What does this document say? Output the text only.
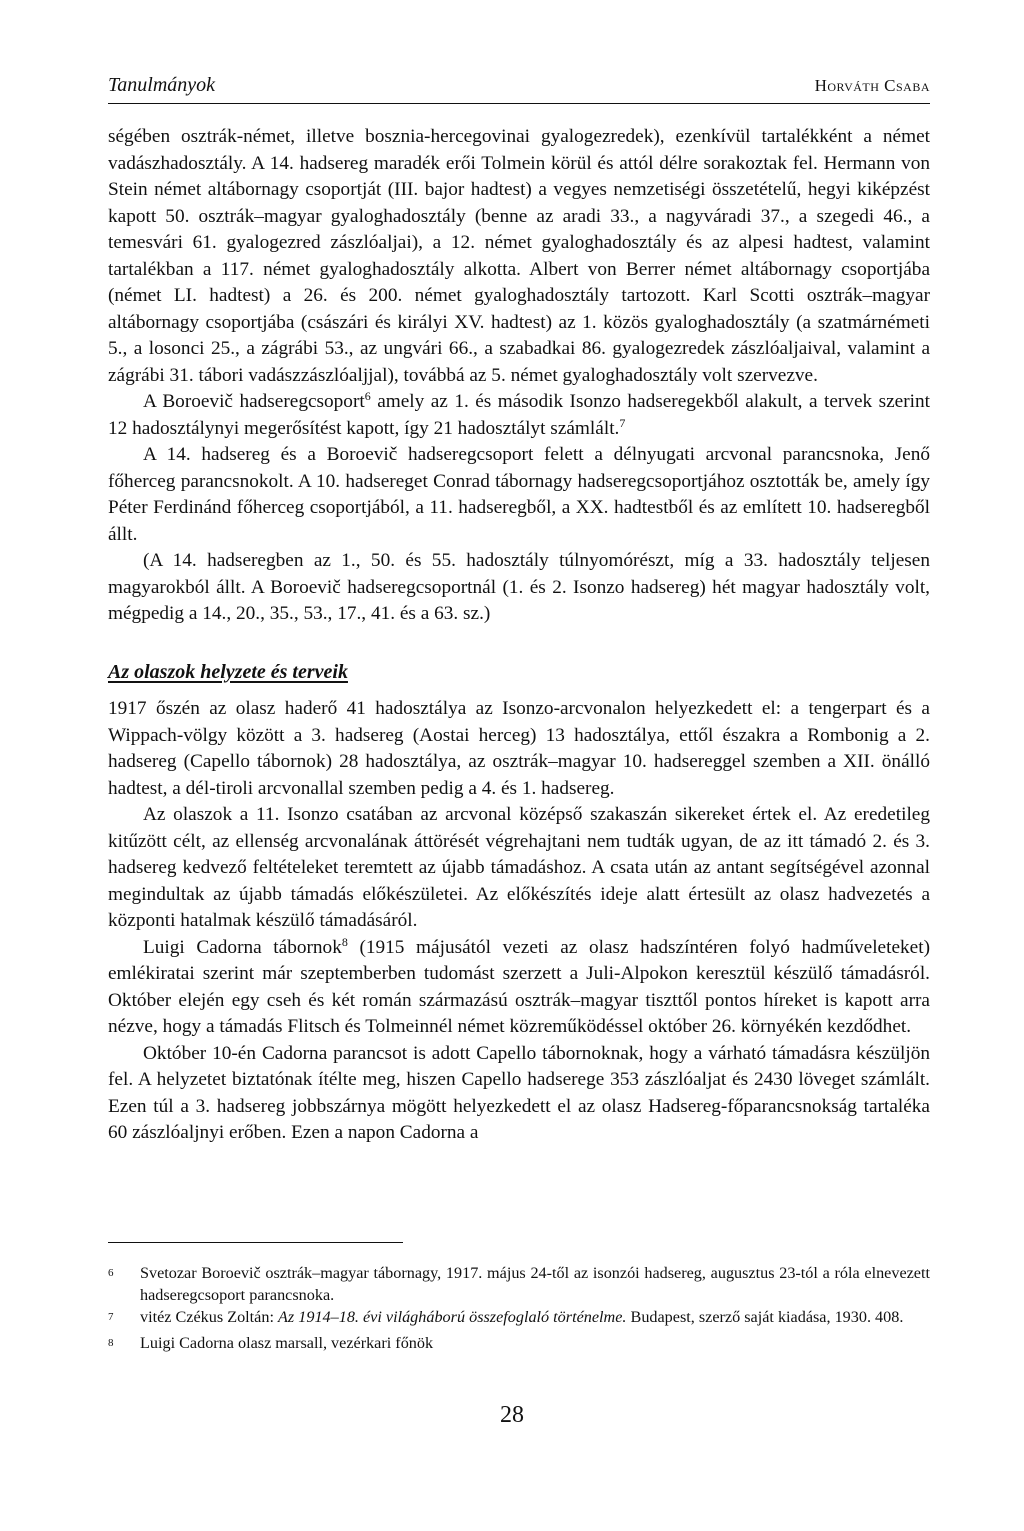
Tanulmányok	Horváth Csaba

ségében osztrák-német, illetve bosznia-hercegovinai gyalogezredek), ezenkívül tartalékként a német vadászhadosztály. A 14. hadsereg maradék erői Tolmein körül és attól délre sorakoztak fel. Hermann von Stein német altábornagy csoportját (III. bajor hadtest) a vegyes nemzetiségi összetételű, hegyi kiképzést kapott 50. osztrák–magyar gyaloghadosztály (benne az aradi 33., a nagyváradi 37., a szegedi 46., a temesvári 61. gyalogezred zászlóaljai), a 12. német gyaloghadosztály és az alpesi hadtest, valamint tartalékban a 117. német gyaloghadosztály alkotta. Albert von Berrer német altábornagy csoportjába (német LI. hadtest) a 26. és 200. német gyaloghadosztály tartozott. Karl Scotti osztrák–magyar altábornagy csoportjába (császári és királyi XV. hadtest) az 1. közös gyaloghadosztály (a szatmárnémeti 5., a losonci 25., a zágrábi 53., az ungvári 66., a szabadkai 86. gyalogezredek zászlóaljaival, valamint a zágrábi 31. tábori vadászzászlóaljjal), továbbá az 5. német gyaloghadosztály volt szervezve.

A Boroevič hadseregcsoport$^6$ amely az 1. és második Isonzo hadseregekből alakult, a tervek szerint 12 hadosztálynyi megerősítést kapott, így 21 hadosztályt számlált.$^7$

A 14. hadsereg és a Boroevič hadseregcsoport felett a délnyugati arcvonal parancsnoka, Jenő főherceg parancsnokolt. A 10. hadsereget Conrad tábornagy hadseregcsoportjához osztották be, amely így Péter Ferdinánd főherceg csoportjából, a 11. hadseregből, a XX. hadtestből és az említett 10. hadseregből állt.

(A 14. hadseregben az 1., 50. és 55. hadosztály túlnyomórészt, míg a 33. hadosztály teljesen magyarokból állt. A Boroevič hadseregcsoportnál (1. és 2. Isonzo hadsereg) hét magyar hadosztály volt, mégpedig a 14., 20., 35., 53., 17., 41. és a 63. sz.)

Az olaszok helyzete és terveik

1917 őszén az olasz haderő 41 hadosztálya az Isonzo-arcvonalon helyezkedett el: a tengerpart és a Wippach-völgy között a 3. hadsereg (Aostai herceg) 13 hadosztálya, ettől északra a Rombonig a 2. hadsereg (Capello tábornok) 28 hadosztálya, az osztrák–magyar 10. hadsereggel szemben a XII. önálló hadtest, a dél-tiroli arcvonallal szemben pedig a 4. és 1. hadsereg.

Az olaszok a 11. Isonzo csatában az arcvonal középső szakaszán sikereket értek el. Az eredetileg kitűzött célt, az ellenség arcvonalának áttörését végrehajtani nem tudták ugyan, de az itt támadó 2. és 3. hadsereg kedvező feltételeket teremtett az újabb támadáshoz. A csata után az antant segítségével azonnal megindultak az újabb támadás előkészületei. Az előkészítés ideje alatt értesült az olasz hadvezetés a központi hatalmak készülő támadásáról.

Luigi Cadorna tábornok$^8$ (1915 májusától vezeti az olasz hadszíntéren folyó hadműveleteket) emlékiratai szerint már szeptemberben tudomást szerzett a Juli-Alpokon keresztül készülő támadásról. Október elején egy cseh és két román származású osztrák–magyar tiszttől pontos híreket is kapott arra nézve, hogy a támadás Flitsch és Tolmeinnél német közreműködéssel október 26. környékén kezdődhet.

Október 10-én Cadorna parancsot is adott Capello tábornoknak, hogy a várható támadásra készüljön fel. A helyzetet biztatónak ítélte meg, hiszen Capello hadserege 353 zászlóaljat és 2430 löveget számlált. Ezen túl a 3. hadsereg jobbszárnya mögött helyezkedett el az olasz Hadsereg-főparancsnokság tartaléka 60 zászlóaljnyi erőben. Ezen a napon Cadorna a

$^6$	Svetozar Boroevič osztrák–magyar tábornagy, 1917. május 24-től az isonzói hadsereg, augusztus 23-tól a róla elnevezett hadseregcsoport parancsnoka.
$^7$	vitéz Czékus Zoltán: Az 1914–18. évi világháború összefoglaló történelme. Budapest, szerző saját kiadása, 1930. 408.
$^8$	Luigi Cadorna olasz marsall, vezérkari főnök
28
